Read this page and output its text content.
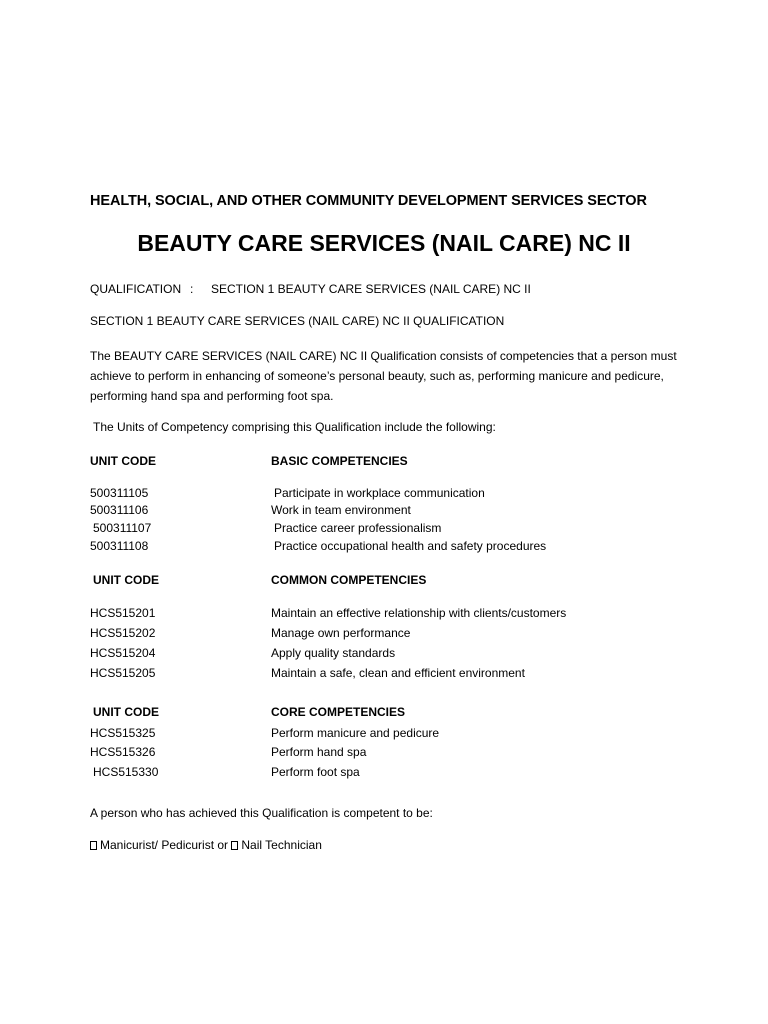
HEALTH, SOCIAL, AND OTHER COMMUNITY DEVELOPMENT SERVICES SECTOR
BEAUTY CARE SERVICES (NAIL CARE) NC II
QUALIFICATION : SECTION 1 BEAUTY CARE SERVICES (NAIL CARE) NC II
SECTION 1 BEAUTY CARE SERVICES (NAIL CARE) NC II QUALIFICATION
The BEAUTY CARE SERVICES (NAIL CARE) NC II Qualification consists of competencies that a person must achieve to perform in enhancing of someone’s personal beauty, such as, performing manicure and pedicure, performing hand spa and performing foot spa.
The Units of Competency comprising this Qualification include the following:
UNIT CODE	BASIC COMPETENCIES
500311105	Participate in workplace communication
500311106	Work in team environment
500311107	Practice career professionalism
500311108	Practice occupational health and safety procedures
UNIT CODE	COMMON COMPETENCIES
HCS515201	Maintain an effective relationship with clients/customers
HCS515202	Manage own performance
HCS515204	Apply quality standards
HCS515205	Maintain a safe, clean and efficient environment
UNIT CODE	CORE COMPETENCIES
HCS515325	Perform manicure and pedicure
HCS515326	Perform hand spa
HCS515330	Perform foot spa
A person who has achieved this Qualification is competent to be:
Manicurist/ Pedicurist or Nail Technician
